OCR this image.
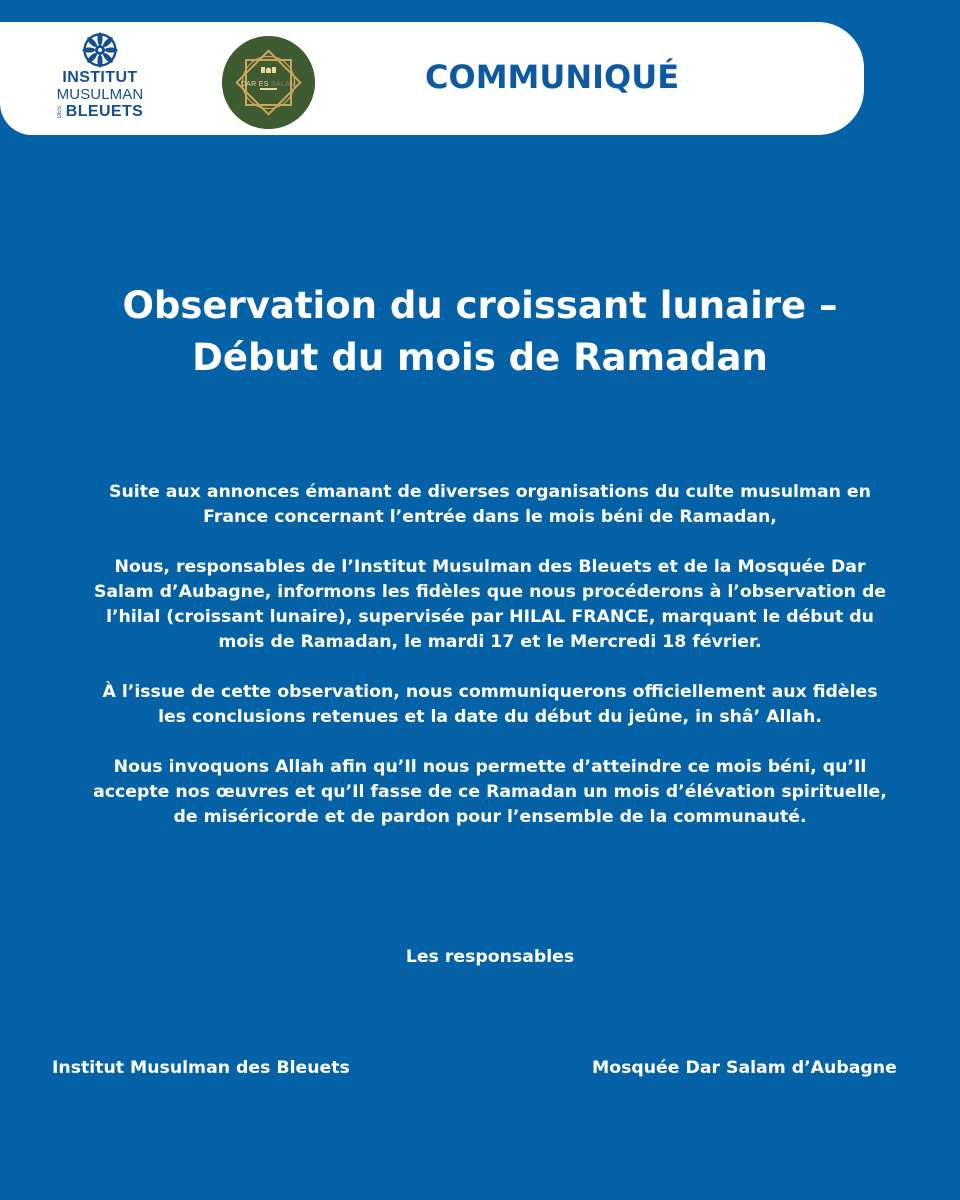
INSTITUT
MUSULMAN
DES BLEUETS
DAR ES SALAM	COMMUNIQUÉ
Observation du croissant lunaire –
Début du mois de Ramadan
Suite aux annonces émanant de diverses organisations du culte musulman en
France concernant l’entrée dans le mois béni de Ramadan,
Nous, responsables de l’Institut Musulman des Bleuets et de la Mosquée Dar
Salam d’Aubagne, informons les fidèles que nous procéderons à l’observation de
l’hilal (croissant lunaire), supervisée par HILAL FRANCE, marquant le début du
mois de Ramadan, le mardi 17 et le Mercredi 18 février.
À l’issue de cette observation, nous communiquerons officiellement aux fidèles
les conclusions retenues et la date du début du jeûne, in shâ’ Allah.
Nous invoquons Allah afin qu’Il nous permette d’atteindre ce mois béni, qu’Il
accepte nos œuvres et qu’Il fasse de ce Ramadan un mois d’élévation spirituelle,
de miséricorde et de pardon pour l’ensemble de la communauté.
Les responsables
Institut Musulman des Bleuets	Mosquée Dar Salam d’Aubagne
